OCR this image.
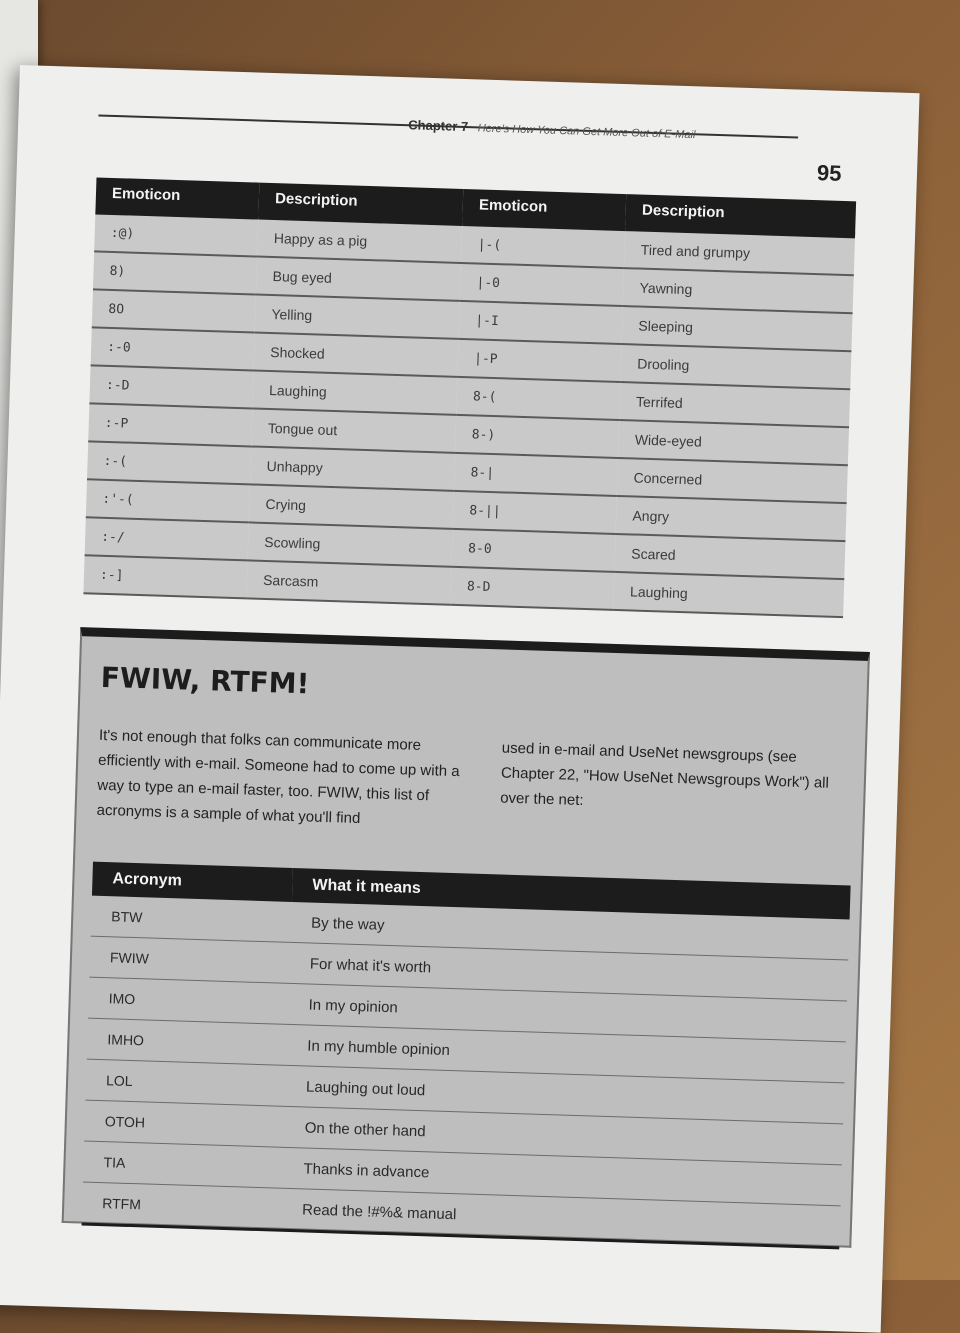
Chapter 7 Here's How You Can Get More Out of E-Mail
95
Emoticon	Description	Emoticon	Description
:@)	Happy as a pig	|-(	Tired and grumpy
8)	Bug eyed	|-0	Yawning
8O	Yelling	|-I	Sleeping
:-0	Shocked	|-P	Drooling
:-D	Laughing	8-(	Terrifed
:-P	Tongue out	8-)	Wide-eyed
:-(	Unhappy	8-|	Concerned
:'-(	Crying	8-||	Angry
:-/	Scowling	8-0	Scared
:-]	Sarcasm	8-D	Laughing
FWIW, RTFM!
It's not enough that folks can communicate more efficiently with e-mail. Someone had to come up with a way to type an e-mail faster, too. FWIW, this list of acronyms is a sample of what you'll find
used in e-mail and UseNet newsgroups (see Chapter 22, "How UseNet Newsgroups Work") all over the net:
Acronym	What it means
BTW	By the way
FWIW	For what it's worth
IMO	In my opinion
IMHO	In my humble opinion
LOL	Laughing out loud
OTOH	On the other hand
TIA	Thanks in advance
RTFM	Read the !#%& manual
